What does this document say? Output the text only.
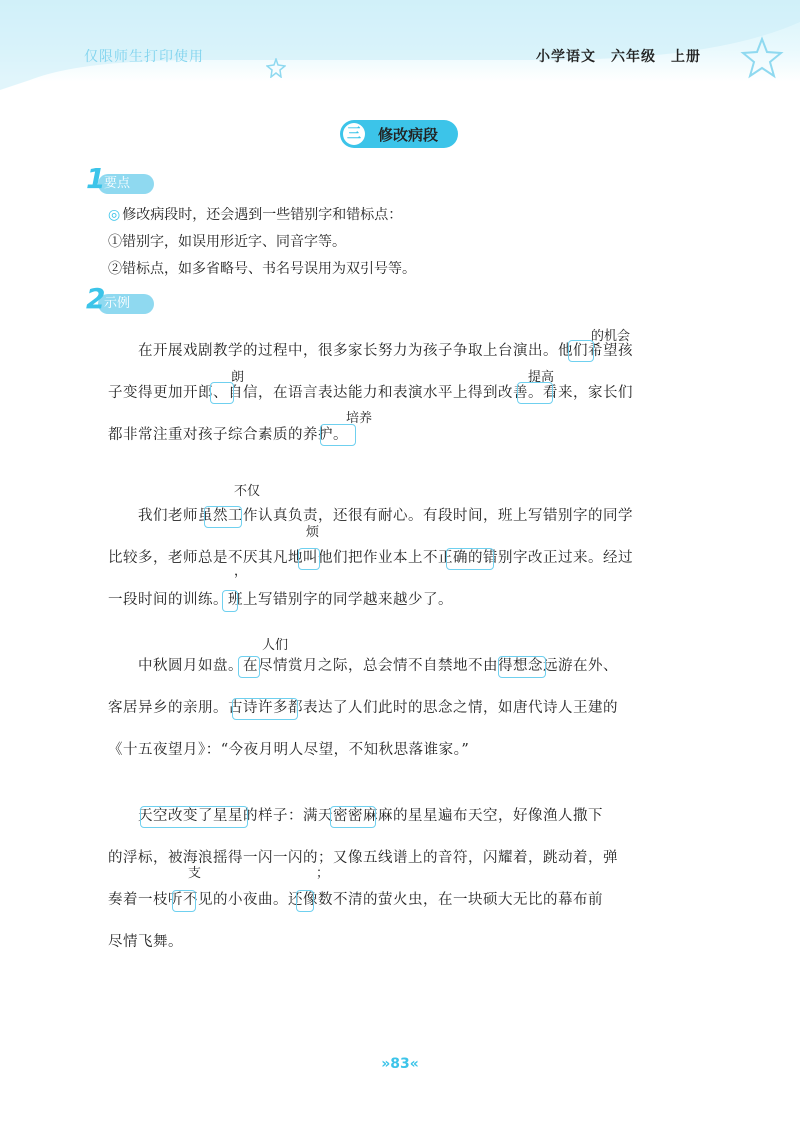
仅限师生打印使用	小学语文　六年级　上册
三 修改病段
要点
1
◎ 修改病段时，还会遇到一些错别字和错标点：
①错别字，如误用形近字、同音字等。
②错标点，如多省略号、书名号误用为双引号等。
示例
2

　　在开展戏剧教学的过程中，很多家长努力为孩子争取上台演出。他们希望孩

子变得更加开郎、自信，在语言表达能力和表演水平上得到改善。看来，家长们

都非常注重对孩子综合素质的养护。

的机会
朗	提高
培养

　　我们老师虽然工作认真负责，还很有耐心。有段时间，班上写错别字的同学

比较多，老师总是不厌其凡地叫他们把作业本上不正确的错别字改正过来。经过

一段时间的训练。班上写错别字的同学越来越少了。

不仅
烦
，

　　中秋圆月如盘。在尽情赏月之际，总会情不自禁地不由得想念远游在外、

客居异乡的亲朋。古诗许多都表达了人们此时的思念之情，如唐代诗人王建的

《十五夜望月》：“今夜月明人尽望，不知秋思落谁家。”

人们

　　天空改变了星星的样子：满天密密麻麻的星星遍布天空，好像渔人撒下

的浮标，被海浪摇得一闪一闪的；又像五线谱上的音符，闪耀着，跳动着，弹

奏着一枝听不见的小夜曲。还像数不清的萤火虫，在一块硕大无比的幕布前

尽情飞舞。

支	；
»83«
